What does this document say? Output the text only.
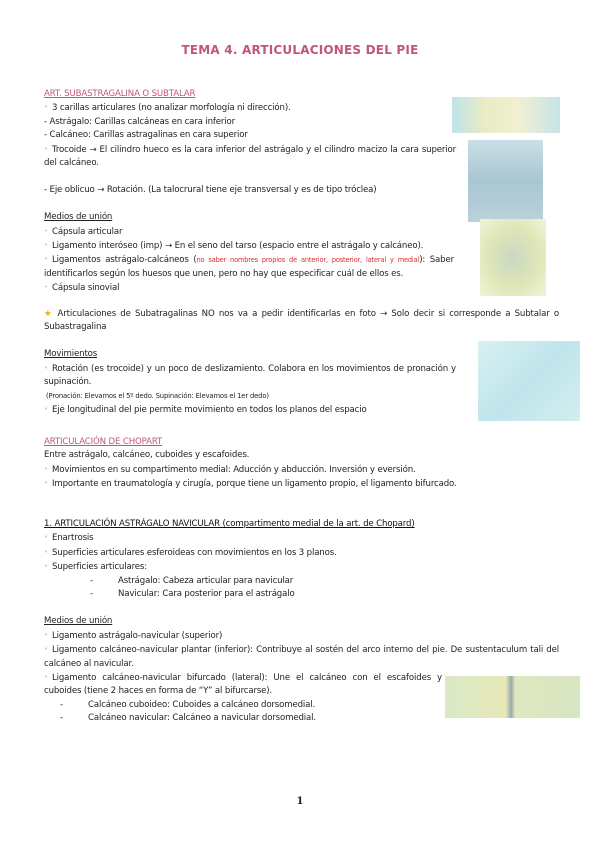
TEMA 4. ARTICULACIONES DEL PIE
ART. SUBASTRAGALINA O SUBTALAR
• 3 carillas articulares (no analizar morfología ni dirección).
- Astrágalo: Carillas calcáneas en cara inferior
- Calcáneo: Carillas astragalinas en cara superior
• Trocoide → El cilindro hueco es la cara inferior del astrágalo y el cilindro macizo la cara superior del calcáneo.
- Eje oblicuo → Rotación. (La talocrural tiene eje transversal y es de tipo tróclea)
Medios de unión
• Cápsula articular
• Ligamento interóseo (imp) → En el seno del tarso (espacio entre el astrágalo y calcáneo).
• Ligamentos astrágalo-calcáneos (no saber nombres propios de anterior, posterior, lateral y medial): Saber identificarlos según los huesos que unen, pero no hay que especificar cuál de ellos es.
• Cápsula sinovial
★ Articulaciones de Subatragalinas NO nos va a pedir identificarlas en foto → Solo decir si corresponde a Subtalar o Subastragalina
Movimientos
• Rotación (es trocoide) y un poco de deslizamiento. Colabora en los movimientos de pronación y supinación.
(Pronación: Elevamos el 5º dedo. Supinación: Elevamos el 1er dedo)
• Eje longitudinal del pie permite movimiento en todos los planos del espacio
ARTICULACIÓN DE CHOPART
Entre astrágalo, calcáneo, cuboides y escafoides.
• Movimientos en su compartimento medial: Aducción y abducción. Inversión y eversión.
• Importante en traumatología y cirugía, porque tiene un ligamento propio, el ligamento bifurcado.
1. ARTICULACIÓN ASTRÁGALO NAVICULAR (compartimento medial de la art. de Chopard)
• Enartrosis
• Superficies articulares esferoideas con movimientos en los 3 planos.
• Superficies articulares:
-	Astrágalo: Cabeza articular para navicular
-	Navicular: Cara posterior para el astrágalo
Medios de unión
• Ligamento astrágalo-navicular (superior)
• Ligamento calcáneo-navicular plantar (inferior): Contribuye al sostén del arco interno del pie. De sustentaculum tali del calcáneo al navicular.
• Ligamento calcáneo-navicular bifurcado (lateral): Une el calcáneo con el escafoides y cuboides (tiene 2 haces en forma de “Y” al bifurcarse).
-	Calcáneo cuboideo: Cuboides a calcáneo dorsomedial.
-	Calcáneo navicular: Calcáneo a navicular dorsomedial.
1
